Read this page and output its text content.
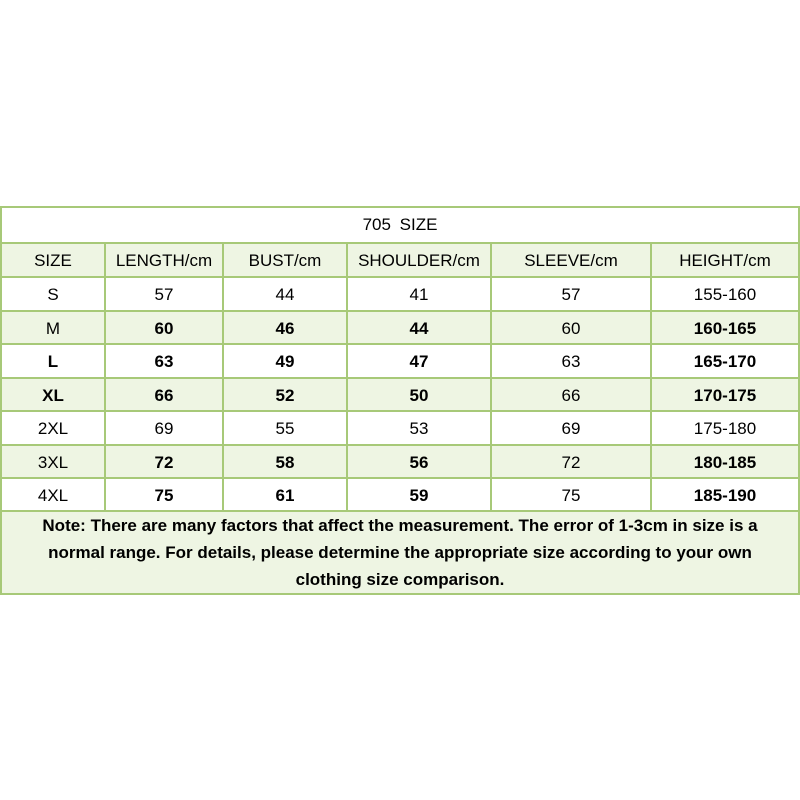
705 SIZE
SIZE	LENGTH/cm	BUST/cm	SHOULDER/cm	SLEEVE/cm	HEIGHT/cm
S	57	44	41	57	155-160
M	60	46	44	60	160-165
L	63	49	47	63	165-170
XL	66	52	50	66	170-175
2XL	69	55	53	69	175-180
3XL	72	58	56	72	180-185
4XL	75	61	59	75	185-190
Note: There are many factors that affect the measurement. The error of 1-3cm in size is a normal range. For details, please determine the appropriate size according to your own clothing size comparison.
